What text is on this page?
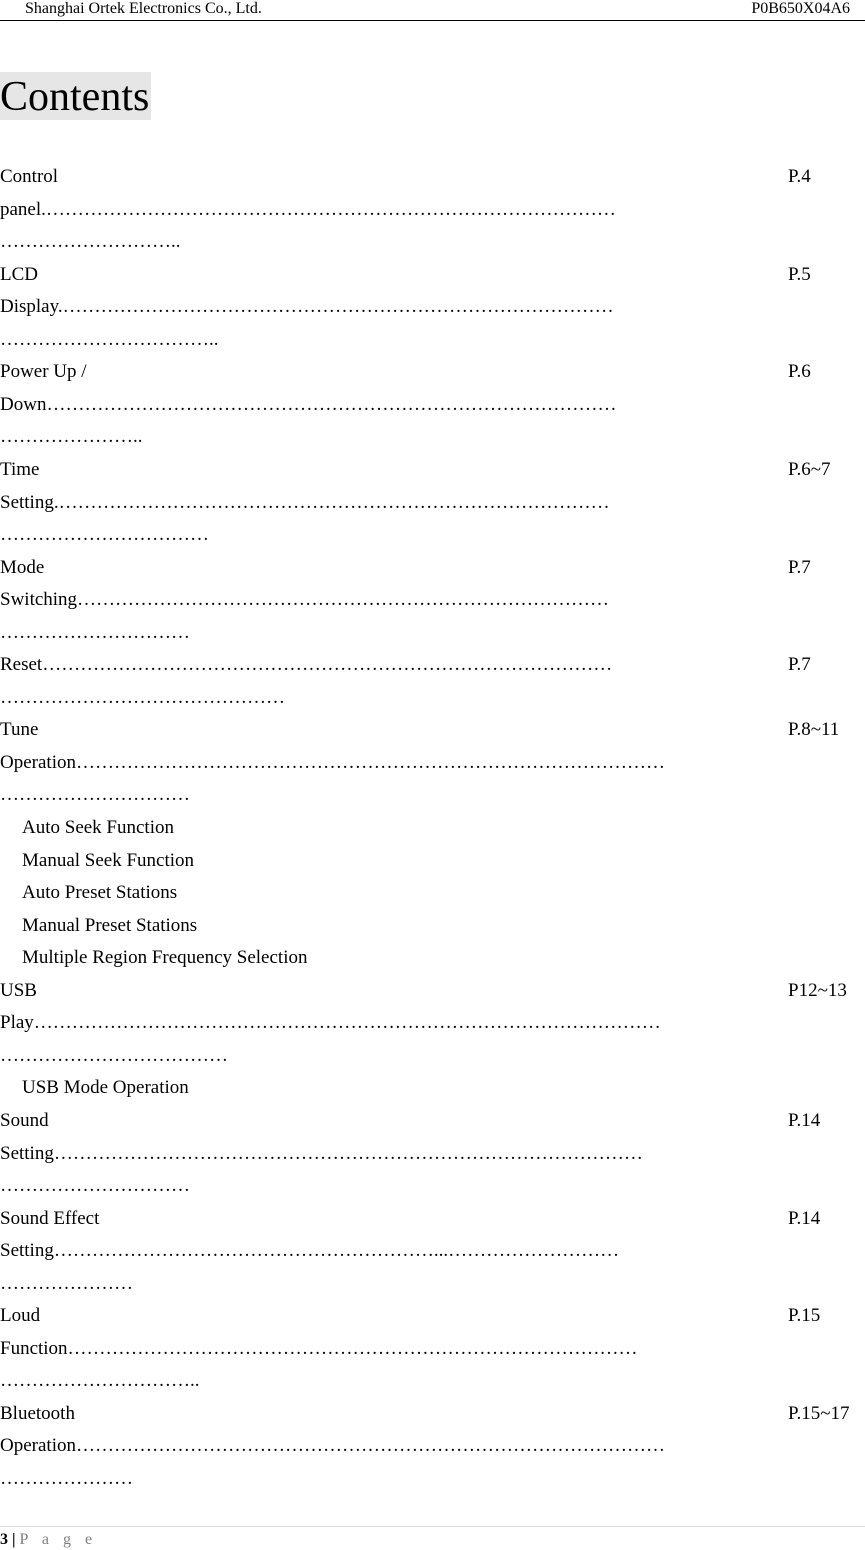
Shanghai Ortek Electronics Co., Ltd.	P0B650X04A6
Contents
Control	P.4
panel.………………………………………………………………………………
………………………..
LCD	P.5
Display.……………………………………………………………………………
……………………………..
Power Up /	P.6
Down………………………………………………………………………………
…………………..
Time	P.6~7
Setting.……………………………………………………………………………
……………………………
Mode	P.7
Switching…………………………………………………………………………
…………………………
Reset………………………………………………………………………………	P.7
………………………………………
Tune	P.8~11
Operation…………………………………………………………………………………
…………………………
Auto Seek Function
Manual Seek Function
Auto Preset Stations
Manual Preset Stations
Multiple Region Frequency Selection
USB	P12~13
Play………………………………………………………………………………………
………………………………
USB Mode Operation
Sound	P.14
Setting…………………………………………………………………………………
…………………………
Sound Effect	P.14
Setting……………………………………………………...………………………
…………………
Loud	P.15
Function………………………………………………………………………………
…………………………..
Bluetooth	P.15~17
Operation…………………………………………………………………………………
…………………
3 | P a g e
